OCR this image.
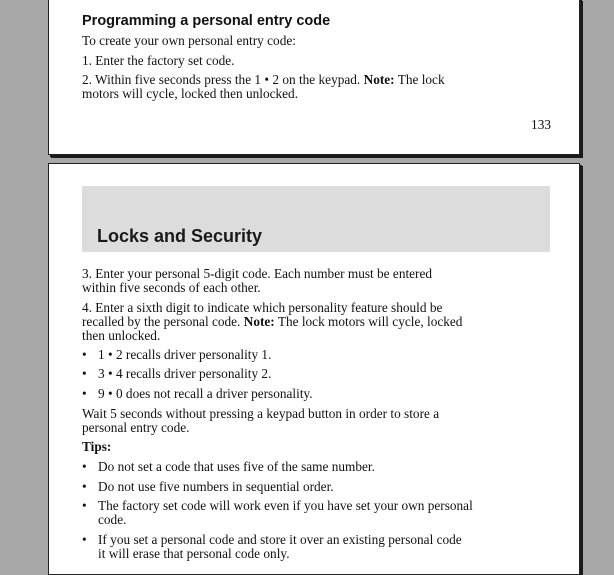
Programming a personal entry code

To create your own personal entry code:

1. Enter the factory set code.

2. Within five seconds press the 1 • 2 on the keypad. Note: The lock
motors will cycle, locked then unlocked.

133
Locks and Security

3. Enter your personal 5-digit code. Each number must be entered
within five seconds of each other.

4. Enter a sixth digit to indicate which personality feature should be
recalled by the personal code. Note: The lock motors will cycle, locked
then unlocked.

• 1 • 2 recalls driver personality 1.
• 3 • 4 recalls driver personality 2.
• 9 • 0 does not recall a driver personality.

Wait 5 seconds without pressing a keypad button in order to store a
personal entry code.

Tips:

• Do not set a code that uses five of the same number.
• Do not use five numbers in sequential order.
• The factory set code will work even if you have set your own personal
code.
• If you set a personal code and store it over an existing personal code
it will erase that personal code only.
